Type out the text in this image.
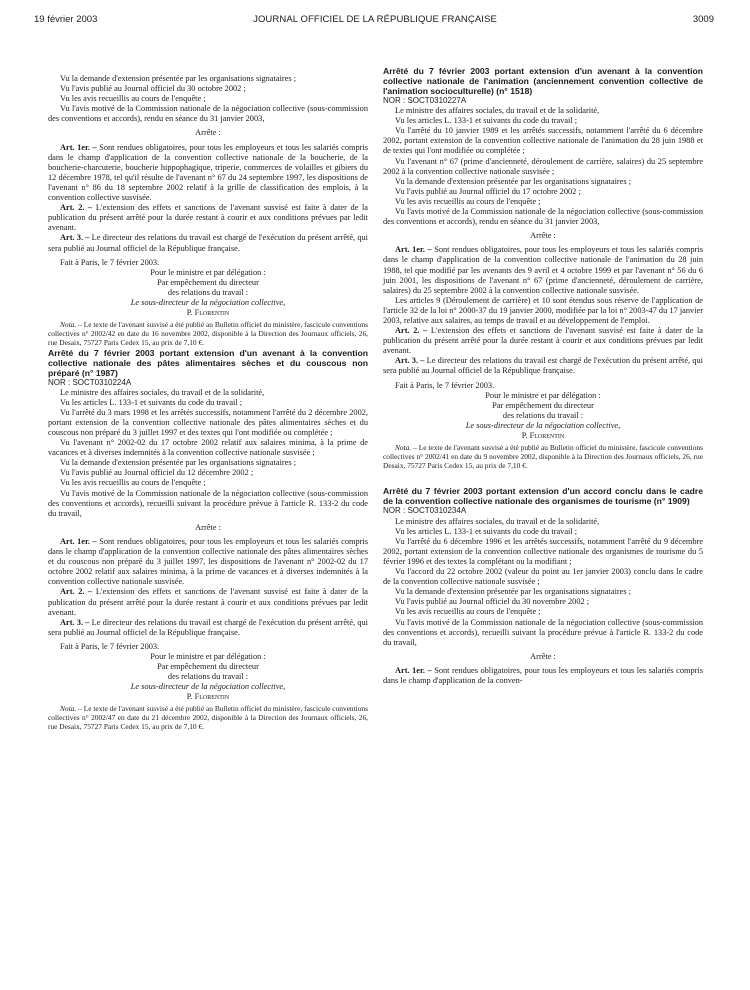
19 février 2003	JOURNAL OFFICIEL DE LA RÉPUBLIQUE FRANÇAISE	3009

Vu la demande d'extension présentée par les organisations signataires ;

Vu l'avis publié au Journal officiel du 30 octobre 2002 ;

Vu les avis recueillis au cours de l'enquête ;

Vu l'avis motivé de la Commission nationale de la négociation collective (sous-commission des conventions et accords), rendu en séance du 31 janvier 2003,

Arrête :

Art. 1er. – Sont rendues obligatoires, pour tous les employeurs et tous les salariés compris dans le champ d'application de la convention collective nationale de la boucherie, de la boucherie-charcuterie, boucherie hippophagique, triperie, commerces de volailles et gibiers du 12 décembre 1978, tel qu'il résulte de l'avenant n° 67 du 24 septembre 1997, les dispositions de l'avenant n° 86 du 18 septembre 2002 relatif à la grille de classification des emplois, à la convention collective susvisée.

Art. 2. – L'extension des effets et sanctions de l'avenant susvisé est faite à dater de la publication du présent arrêté pour la durée restant à courir et aux conditions prévues par ledit avenant.

Art. 3. – Le directeur des relations du travail est chargé de l'exécution du présent arrêté, qui sera publié au Journal officiel de la République française.

Fait à Paris, le 7 février 2003.

Pour le ministre et par délégation :

Par empêchement du directeur

des relations du travail :

Le sous-directeur de la négociation collective,

P. Florentin

Nota. – Le texte de l'avenant susvisé a été publié au Bulletin officiel du ministère, fascicule conventions collectives n° 2002/42 en date du 16 novembre 2002, disponible à la Direction des Journaux officiels, 26, rue Desaix, 75727 Paris Cedex 15, au prix de 7,10 €.

Arrêté du 7 février 2003 portant extension d'un avenant à la convention collective nationale des pâtes alimentaires sèches et du couscous non préparé (n° 1987)

NOR : SOCT0310224A

Le ministre des affaires sociales, du travail et de la solidarité,

Vu les articles L. 133-1 et suivants du code du travail ;

Vu l'arrêté du 3 mars 1998 et les arrêtés successifs, notamment l'arrêté du 2 décembre 2002, portant extension de la convention collective nationale des pâtes alimentaires sèches et du couscous non préparé du 3 juillet 1997 et des textes qui l'ont modifiée ou complétée ;

Vu l'avenant n° 2002-02 du 17 octobre 2002 relatif aux salaires minima, à la prime de vacances et à diverses indemnités à la convention collective nationale susvisée ;

Vu la demande d'extension présentée par les organisations signataires ;

Vu l'avis publié au Journal officiel du 12 décembre 2002 ;

Vu les avis recueillis au cours de l'enquête ;

Vu l'avis motivé de la Commission nationale de la négociation collective (sous-commission des conventions et accords), recueilli suivant la procédure prévue à l'article R. 133-2 du code du travail,

Arrête :

Art. 1er. – Sont rendues obligatoires, pour tous les employeurs et tous les salariés compris dans le champ d'application de la convention collective nationale des pâtes alimentaires sèches et du couscous non préparé du 3 juillet 1997, les dispositions de l'avenant n° 2002-02 du 17 octobre 2002 relatif aux salaires minima, à la prime de vacances et à diverses indemnités à la convention collective nationale susvisée.

Art. 2. – L'extension des effets et sanctions de l'avenant susvisé est faite à dater de la publication du présent arrêté pour la durée restant à courir et aux conditions prévues par ledit avenant.

Art. 3. – Le directeur des relations du travail est chargé de l'exécution du présent arrêté, qui sera publié au Journal officiel de la République française.

Fait à Paris, le 7 février 2003.

Pour le ministre et par délégation :

Par empêchement du directeur

des relations du travail :

Le sous-directeur de la négociation collective,

P. Florentin

Nota. – Le texte de l'avenant susvisé a été publié au Bulletin officiel du ministère, fascicule conventions collectives n° 2002/47 en date du 21 décembre 2002, disponible à la Direction des Journaux officiels, 26, rue Desaix, 75727 Paris Cedex 15, au prix de 7,10 €.

Arrêté du 7 février 2003 portant extension d'un avenant à la convention collective nationale de l'animation (anciennement convention collective de l'animation socioculturelle) (n° 1518)

NOR : SOCT0310227A

Le ministre des affaires sociales, du travail et de la solidarité,

Vu les articles L. 133-1 et suivants du code du travail ;

Vu l'arrêté du 10 janvier 1989 et les arrêtés successifs, notamment l'arrêté du 6 décembre 2002, portant extension de la convention collective nationale de l'animation du 28 juin 1988 et de textes qui l'ont modifiée ou complétée ;

Vu l'avenant n° 67 (prime d'ancienneté, déroulement de carrière, salaires) du 25 septembre 2002 à la convention collective nationale susvisée ;

Vu la demande d'extension présentée par les organisations signataires ;

Vu l'avis publié au Journal officiel du 17 octobre 2002 ;

Vu les avis recueillis au cours de l'enquête ;

Vu l'avis motivé de la Commission nationale de la négociation collective (sous-commission des conventions et accords), rendu en séance du 31 janvier 2003,

Arrête :

Art. 1er. – Sont rendues obligatoires, pour tous les employeurs et tous les salariés compris dans le champ d'application de la convention collective nationale de l'animation du 28 juin 1988, tel que modifié par les avenants des 9 avril et 4 octobre 1999 et par l'avenant n° 56 du 6 juin 2001, les dispositions de l'avenant n° 67 (prime d'ancienneté, déroulement de carrière, salaires) du 25 septembre 2002 à la convention collective nationale susvisée.

Les articles 9 (Déroulement de carrière) et 10 sont étendus sous réserve de l'application de l'article 32 de la loi n° 2000-37 du 19 janvier 2000, modifiée par la loi n° 2003-47 du 17 janvier 2003, relative aux salaires, au temps de travail et au développement de l'emploi.

Art. 2. – L'extension des effets et sanctions de l'avenant susvisé est faite à dater de la publication du présent arrêté pour la durée restant à courir et aux conditions prévues par ledit avenant.

Art. 3. – Le directeur des relations du travail est chargé de l'exécution du présent arrêté, qui sera publié au Journal officiel de la République française.

Fait à Paris, le 7 février 2003.

Pour le ministre et par délégation :

Par empêchement du directeur

des relations du travail :

Le sous-directeur de la négociation collective,

P. Florentin

Nota. – Le texte de l'avenant susvisé a été publié au Bulletin officiel du ministère, fascicule conventions collectives n° 2002/41 en date du 9 novembre 2002, disponible à la Direction des Journaux officiels, 26, rue Desaix, 75727 Paris Cedex 15, au prix de 7,10 €.

Arrêté du 7 février 2003 portant extension d'un accord conclu dans le cadre de la convention collective nationale des organismes de tourisme (n° 1909)

NOR : SOCT0310234A

Le ministre des affaires sociales, du travail et de la solidarité,

Vu les articles L. 133-1 et suivants du code du travail ;

Vu l'arrêté du 6 décembre 1996 et les arrêtés successifs, notamment l'arrêté du 9 décembre 2002, portant extension de la convention collective nationale des organismes de tourisme du 5 février 1996 et des textes la complétant ou la modifiant ;

Vu l'accord du 22 octobre 2002 (valeur du point au 1er janvier 2003) conclu dans le cadre de la convention collective nationale susvisée ;

Vu la demande d'extension présentée par les organisations signataires ;

Vu l'avis publié au Journal officiel du 30 novembre 2002 ;

Vu les avis recueillis au cours de l'enquête ;

Vu l'avis motivé de la Commission nationale de la négociation collective (sous-commission des conventions et accords), recueilli suivant la procédure prévue à l'article R. 133-2 du code du travail,

Arrête :

Art. 1er. – Sont rendues obligatoires, pour tous les employeurs et tous les salariés compris dans le champ d'application de la conven-
